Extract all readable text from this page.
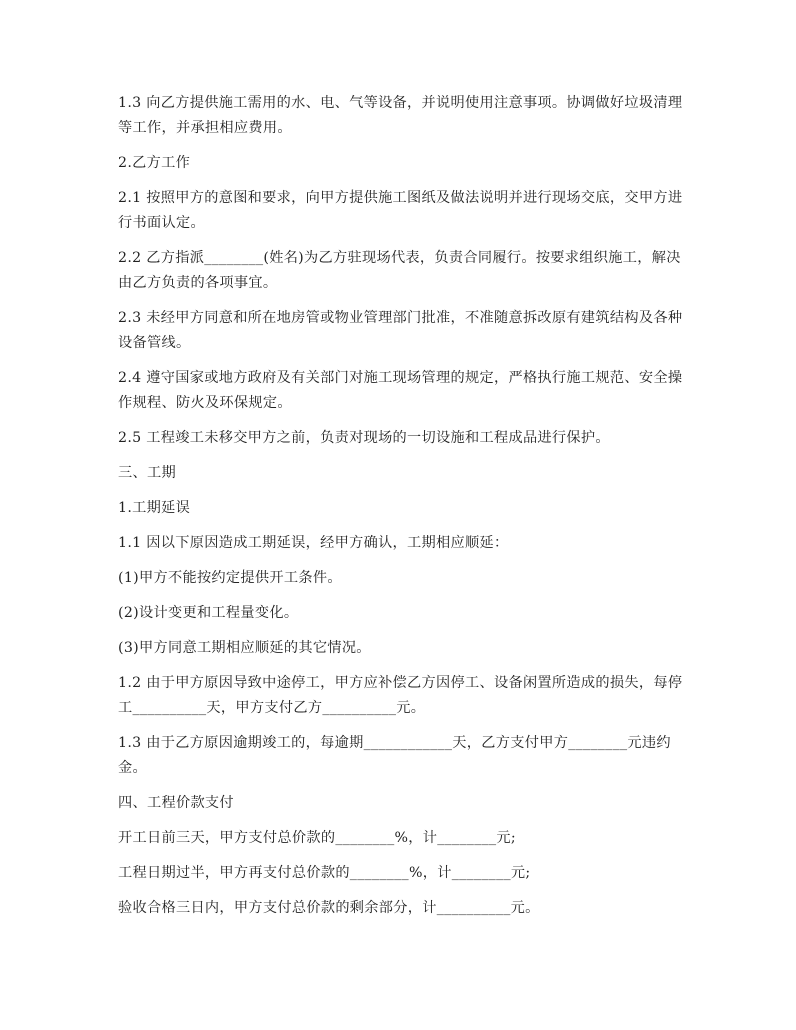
1.3 向乙方提供施工需用的水、电、气等设备，并说明使用注意事项。协调做好垃圾清理等工作，并承担相应费用。

2.乙方工作

2.1 按照甲方的意图和要求，向甲方提供施工图纸及做法说明并进行现场交底，交甲方进行书面认定。

2.2 乙方指派________(姓名)为乙方驻现场代表，负责合同履行。按要求组织施工，解决由乙方负责的各项事宜。

2.3 未经甲方同意和所在地房管或物业管理部门批准，不准随意拆改原有建筑结构及各种设备管线。

2.4 遵守国家或地方政府及有关部门对施工现场管理的规定，严格执行施工规范、安全操作规程、防火及环保规定。

2.5 工程竣工未移交甲方之前，负责对现场的一切设施和工程成品进行保护。

三、工期

1.工期延误

1.1 因以下原因造成工期延误，经甲方确认，工期相应顺延：

(1)甲方不能按约定提供开工条件。

(2)设计变更和工程量变化。

(3)甲方同意工期相应顺延的其它情况。

1.2 由于甲方原因导致中途停工，甲方应补偿乙方因停工、设备闲置所造成的损失，每停工__________天，甲方支付乙方__________元。

1.3 由于乙方原因逾期竣工的，每逾期____________天，乙方支付甲方________元违约金。

四、工程价款支付

开工日前三天，甲方支付总价款的________%，计________元;

工程日期过半，甲方再支付总价款的________%，计________元;

验收合格三日内，甲方支付总价款的剩余部分，计__________元。
